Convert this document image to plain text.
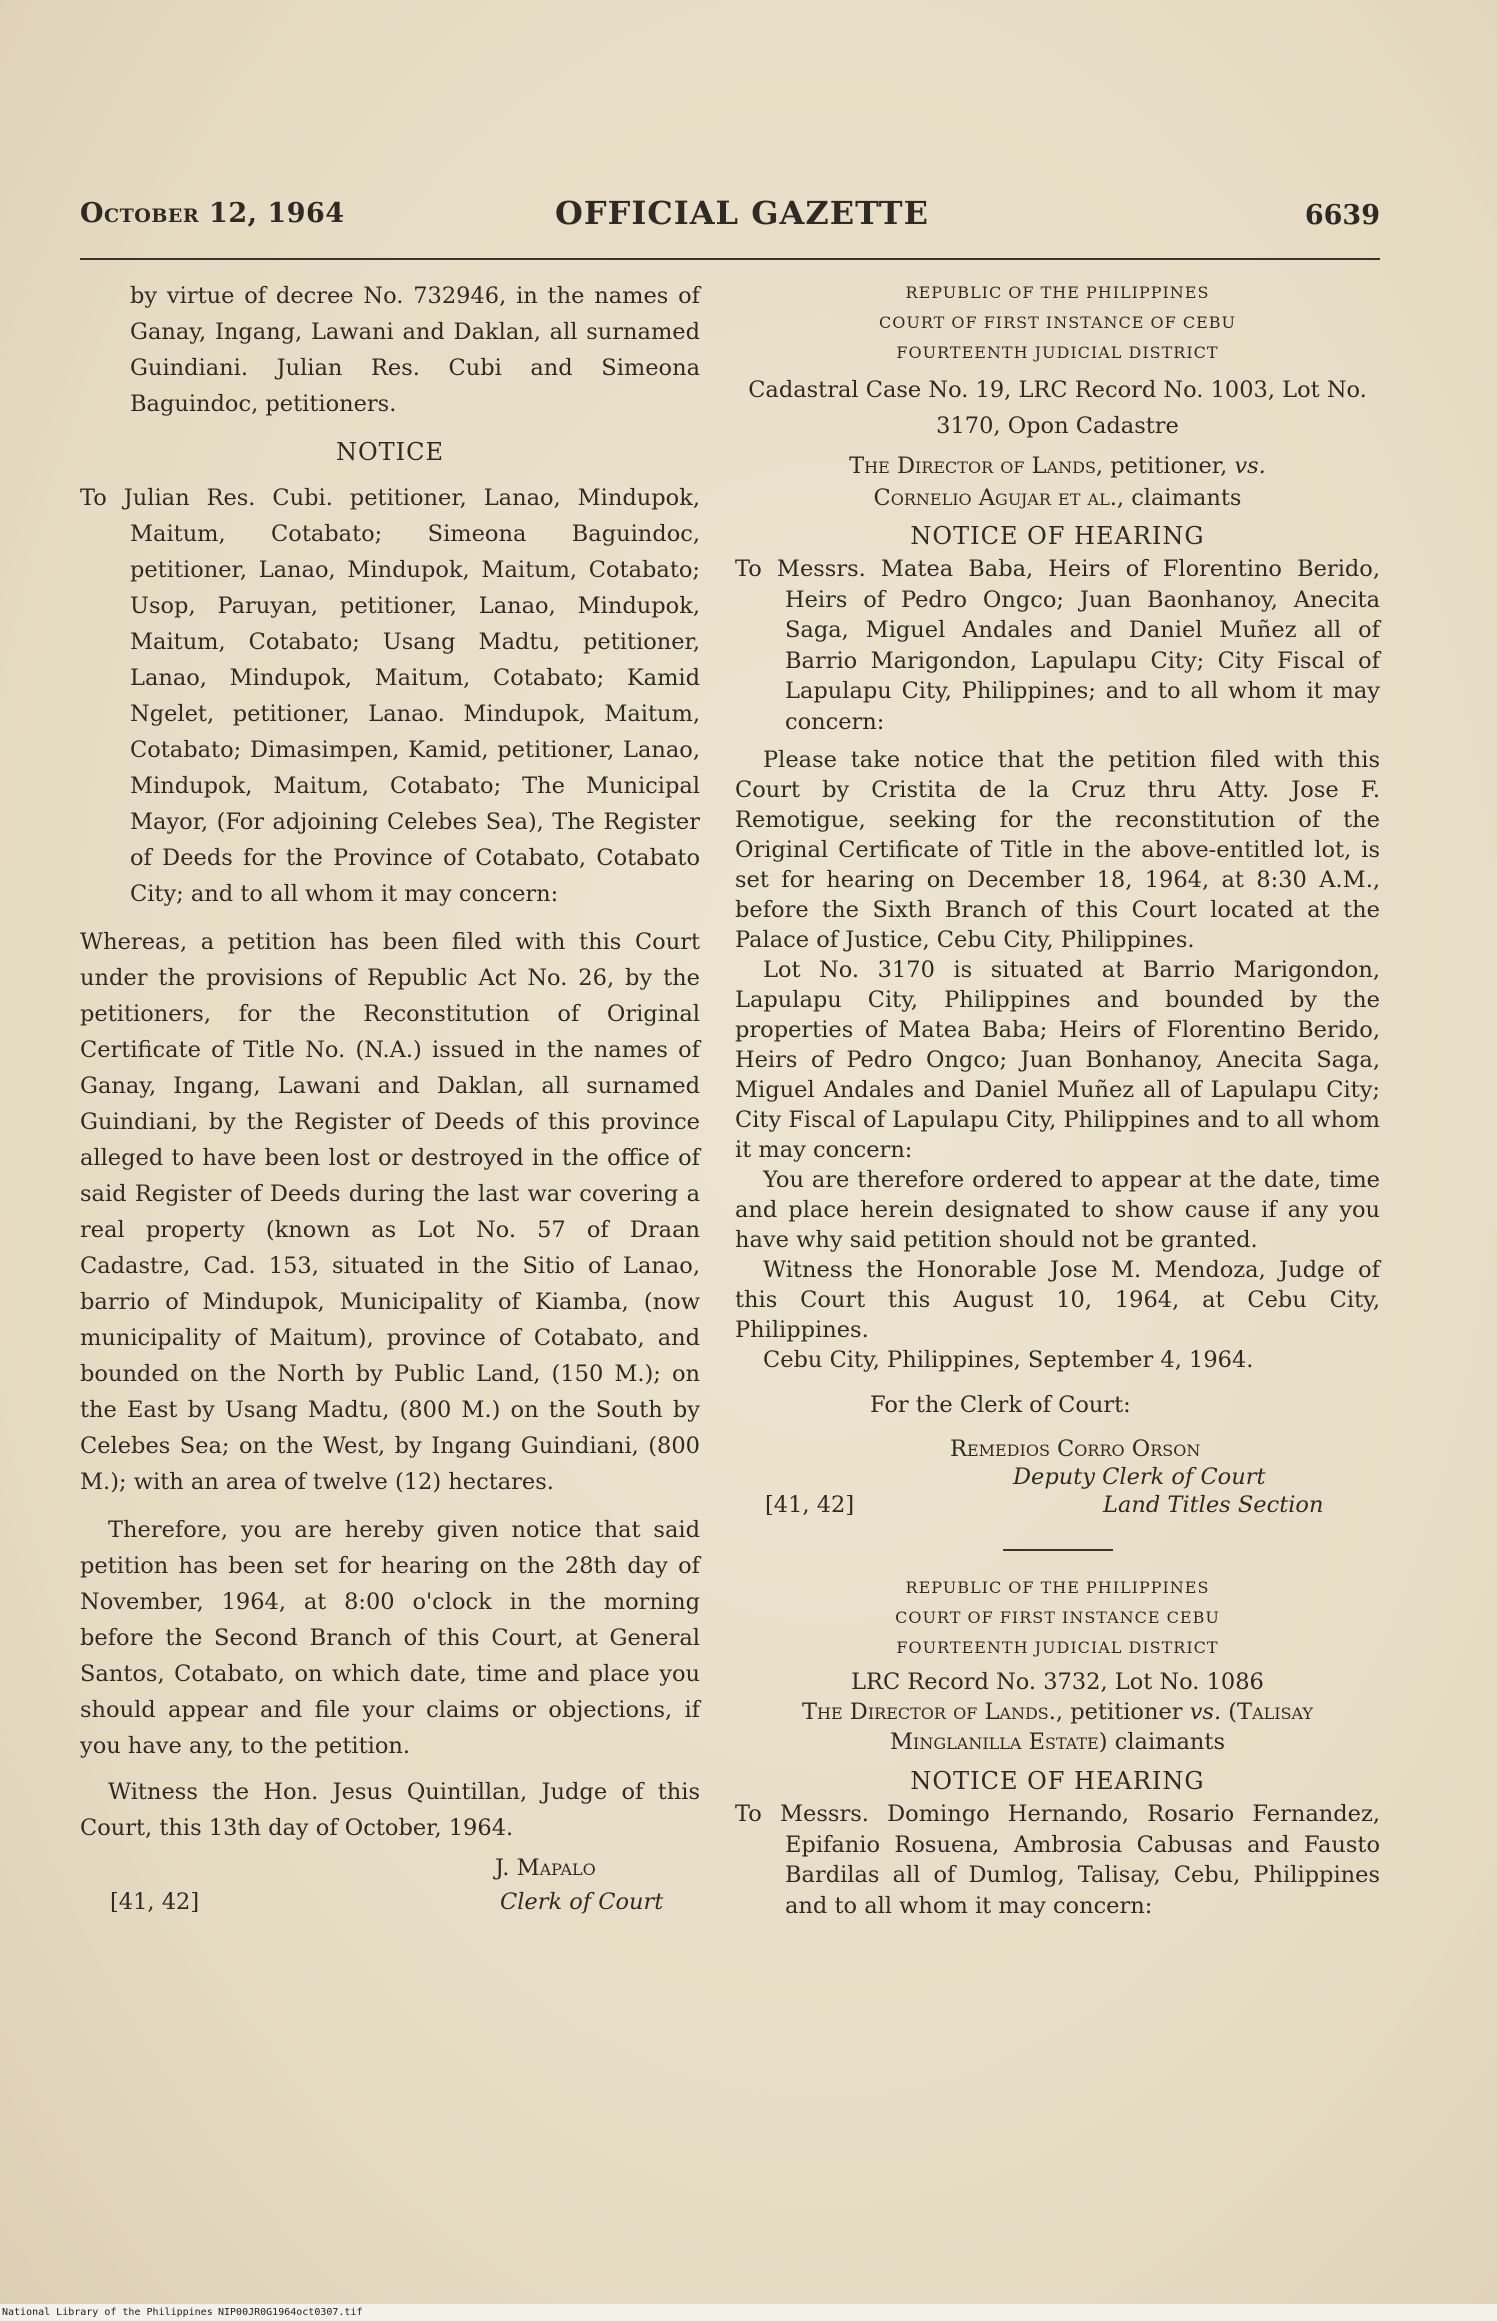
October 12, 1964	OFFICIAL GAZETTE	6639

by virtue of decree No. 732946, in the names of Ganay, Ingang, Lawani and Daklan, all surnamed Guindiani. Julian Res. Cubi and Simeona Baguindoc, petitioners.

NOTICE

To Julian Res. Cubi. petitioner, Lanao, Mindupok, Maitum, Cotabato; Simeona Baguindoc, petitioner, Lanao, Mindupok, Maitum, Cotabato; Usop, Paruyan, petitioner, Lanao, Mindupok, Maitum, Cotabato; Usang Madtu, petitioner, Lanao, Mindupok, Maitum, Cotabato; Kamid Ngelet, petitioner, Lanao. Mindupok, Maitum, Cotabato; Dimasimpen, Kamid, petitioner, Lanao, Mindupok, Maitum, Cotabato; The Municipal Mayor, (For adjoining Celebes Sea), The Register of Deeds for the Province of Cotabato, Cotabato City; and to all whom it may concern:

Whereas, a petition has been filed with this Court under the provisions of Republic Act No. 26, by the petitioners, for the Reconstitution of Original Certificate of Title No. (N.A.) issued in the names of Ganay, Ingang, Lawani and Daklan, all surnamed Guindiani, by the Register of Deeds of this province alleged to have been lost or destroyed in the office of said Register of Deeds during the last war covering a real property (known as Lot No. 57 of Draan Cadastre, Cad. 153, situated in the Sitio of Lanao, barrio of Mindupok, Municipality of Kiamba, (now municipality of Maitum), province of Cotabato, and bounded on the North by Public Land, (150 M.); on the East by Usang Madtu, (800 M.) on the South by Celebes Sea; on the West, by Ingang Guindiani, (800 M.); with an area of twelve (12) hectares.

Therefore, you are hereby given notice that said petition has been set for hearing on the 28th day of November, 1964, at 8:00 o'clock in the morning before the Second Branch of this Court, at General Santos, Cotabato, on which date, time and place you should appear and file your claims or objections, if you have any, to the petition.

Witness the Hon. Jesus Quintillan, Judge of this Court, this 13th day of October, 1964.

J. Mapalo
Clerk of Court
[41, 42]
REPUBLIC OF THE PHILIPPINES
COURT OF FIRST INSTANCE OF CEBU
FOURTEENTH JUDICIAL DISTRICT

Cadastral Case No. 19, LRC Record No. 1003, Lot No. 3170, Opon Cadastre

The Director of Lands, petitioner, vs.
Cornelio Agujar et al., claimants

NOTICE OF HEARING

To Messrs. Matea Baba, Heirs of Florentino Berido, Heirs of Pedro Ongco; Juan Baonhanoy, Anecita Saga, Miguel Andales and Daniel Muñez all of Barrio Marigondon, Lapulapu City; City Fiscal of Lapulapu City, Philippines; and to all whom it may concern:

Please take notice that the petition filed with this Court by Cristita de la Cruz thru Atty. Jose F. Remotigue, seeking for the reconstitution of the Original Certificate of Title in the above-entitled lot, is set for hearing on December 18, 1964, at 8:30 A.M., before the Sixth Branch of this Court located at the Palace of Justice, Cebu City, Philippines.

Lot No. 3170 is situated at Barrio Marigondon, Lapulapu City, Philippines and bounded by the properties of Matea Baba; Heirs of Florentino Berido, Heirs of Pedro Ongco; Juan Bonhanoy, Anecita Saga, Miguel Andales and Daniel Muñez all of Lapulapu City; City Fiscal of Lapulapu City, Philippines and to all whom it may concern:

You are therefore ordered to appear at the date, time and place herein designated to show cause if any you have why said petition should not be granted.

Witness the Honorable Jose M. Mendoza, Judge of this Court this August 10, 1964, at Cebu City, Philippines.

Cebu City, Philippines, September 4, 1964.

For the Clerk of Court:

Remedios Corro Orson
Deputy Clerk of Court
Land Titles Section
[41, 42]
REPUBLIC OF THE PHILIPPINES
COURT OF FIRST INSTANCE CEBU
FOURTEENTH JUDICIAL DISTRICT

LRC Record No. 3732, Lot No. 1086

The Director of Lands., petitioner vs. (Talisay Minglanilla Estate) claimants

NOTICE OF HEARING

To Messrs. Domingo Hernando, Rosario Fernandez, Epifanio Rosuena, Ambrosia Cabusas and Fausto Bardilas all of Dumlog, Talisay, Cebu, Philippines and to all whom it may concern:

National Library of the Philippines NIP00JR0G1964oct0307.tif
